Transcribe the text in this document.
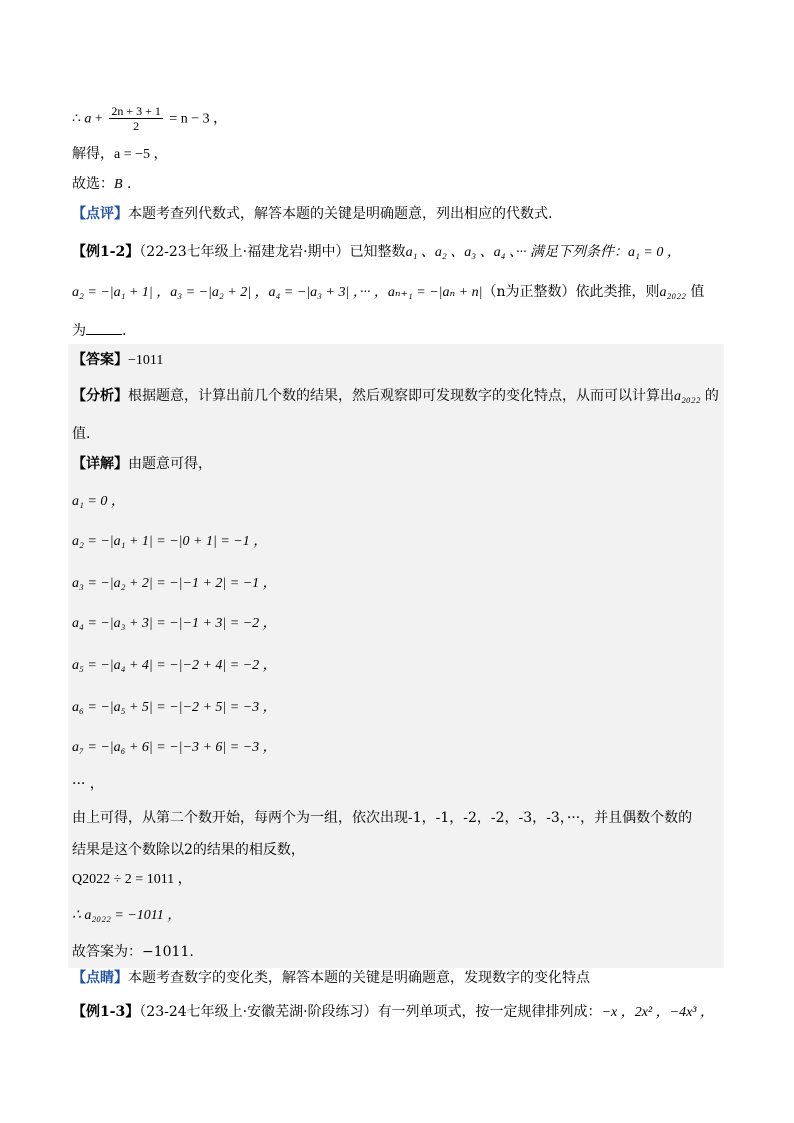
∴ $a + \frac{2n + 3 + 1}{2} = n - 3$ ，
解得，a = −5 ，
故选：B .
【点评】本题考查列代数式，解答本题的关键是明确题意，列出相应的代数式.
【例1-2】（22-23七年级上·福建龙岩·期中）已知整数a₁ 、a₂ 、a₃ 、a₄ 、··· 满足下列条件：a₁ = 0 ，
a₂ = −|a₁ + 1| ，a₃ = −|a₂ + 2| ，a₄ = −|a₃ + 3| ，··· ，aₙ₊₁ = −|aₙ + n|（n为正整数）依此类推，则a₂₀₂₂ 值
为	.
【答案】−1011
【分析】根据题意，计算出前几个数的结果，然后观察即可发现数字的变化特点，从而可以计算出a₂₀₂₂ 的
值.
【详解】由题意可得，
a₁ = 0 ，
a₂ = −|a₁ + 1| = −|0 + 1| = −1 ，
a₃ = −|a₂ + 2| = −|−1 + 2| = −1 ，
a₄ = −|a₃ + 3| = −|−1 + 3| = −2 ，
a₅ = −|a₄ + 4| = −|−2 + 4| = −2 ，
a₆ = −|a₅ + 5| = −|−2 + 5| = −3 ，
a₇ = −|a₆ + 6| = −|−3 + 6| = −3 ，
··· ，
由上可得，从第二个数开始，每两个为一组，依次出现-1，-1，-2，-2，-3，-3，···，并且偶数个数的
结果是这个数除以2的结果的相反数，
Q2022 ÷ 2 = 1011 ，
∴ a₂₀₂₂ = −1011 ，
故答案为：−1011.
【点睛】本题考查数字的变化类，解答本题的关键是明确题意，发现数字的变化特点
【例1-3】（23-24七年级上·安徽芜湖·阶段练习）有一列单项式，按一定规律排列成：−x ，2x² ，−4x³ ，
